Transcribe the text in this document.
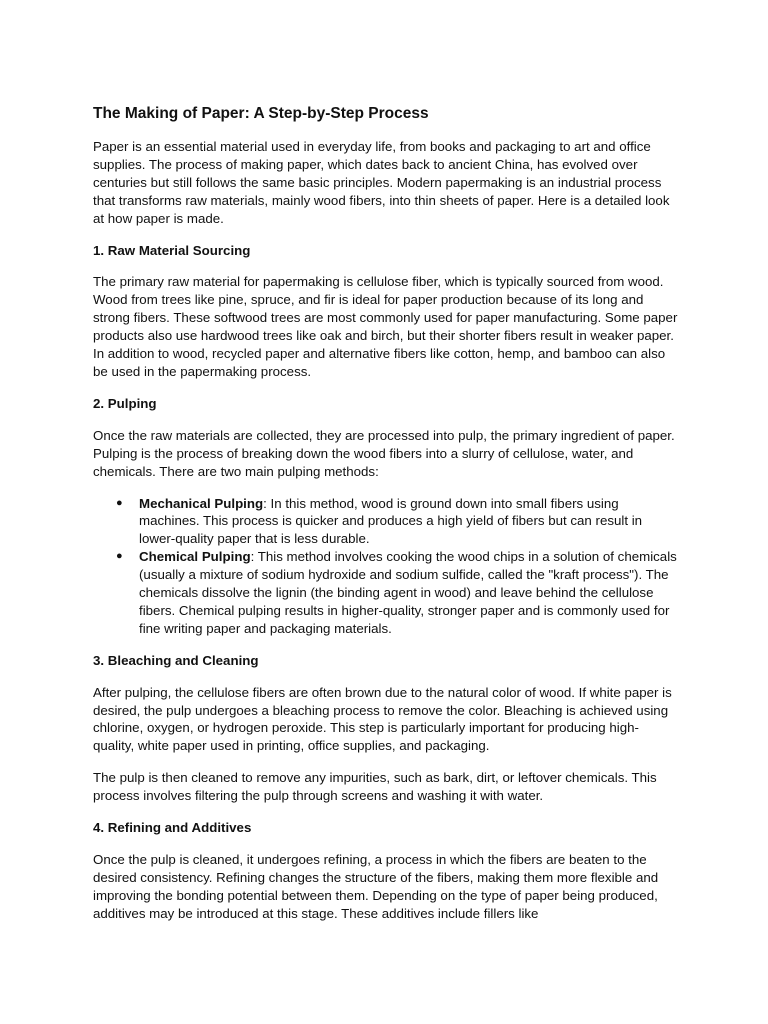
The Making of Paper: A Step-by-Step Process

Paper is an essential material used in everyday life, from books and packaging to art and office supplies. The process of making paper, which dates back to ancient China, has evolved over centuries but still follows the same basic principles. Modern papermaking is an industrial process that transforms raw materials, mainly wood fibers, into thin sheets of paper. Here is a detailed look at how paper is made.

1. Raw Material Sourcing

The primary raw material for papermaking is cellulose fiber, which is typically sourced from wood. Wood from trees like pine, spruce, and fir is ideal for paper production because of its long and strong fibers. These softwood trees are most commonly used for paper manufacturing. Some paper products also use hardwood trees like oak and birch, but their shorter fibers result in weaker paper. In addition to wood, recycled paper and alternative fibers like cotton, hemp, and bamboo can also be used in the papermaking process.

2. Pulping

Once the raw materials are collected, they are processed into pulp, the primary ingredient of paper. Pulping is the process of breaking down the wood fibers into a slurry of cellulose, water, and chemicals. There are two main pulping methods:

● Mechanical Pulping: In this method, wood is ground down into small fibers using machines. This process is quicker and produces a high yield of fibers but can result in lower-quality paper that is less durable.
● Chemical Pulping: This method involves cooking the wood chips in a solution of chemicals (usually a mixture of sodium hydroxide and sodium sulfide, called the "kraft process"). The chemicals dissolve the lignin (the binding agent in wood) and leave behind the cellulose fibers. Chemical pulping results in higher-quality, stronger paper and is commonly used for fine writing paper and packaging materials.
3. Bleaching and Cleaning

After pulping, the cellulose fibers are often brown due to the natural color of wood. If white paper is desired, the pulp undergoes a bleaching process to remove the color. Bleaching is achieved using chlorine, oxygen, or hydrogen peroxide. This step is particularly important for producing high-quality, white paper used in printing, office supplies, and packaging.

The pulp is then cleaned to remove any impurities, such as bark, dirt, or leftover chemicals. This process involves filtering the pulp through screens and washing it with water.

4. Refining and Additives

Once the pulp is cleaned, it undergoes refining, a process in which the fibers are beaten to the desired consistency. Refining changes the structure of the fibers, making them more flexible and improving the bonding potential between them. Depending on the type of paper being produced, additives may be introduced at this stage. These additives include fillers like
